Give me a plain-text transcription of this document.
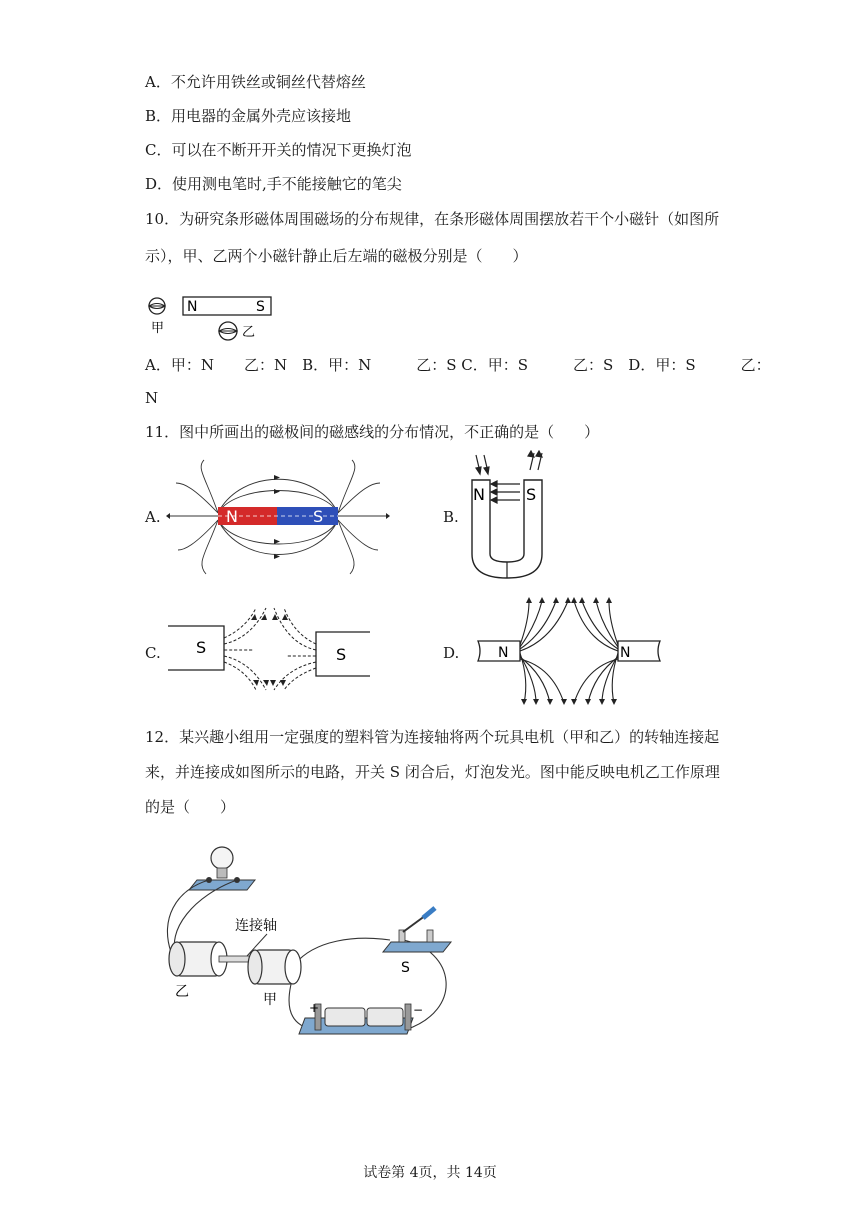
A．不允许用铁丝或铜丝代替熔丝
B．用电器的金属外壳应该接地
C．可以在不断开开关的情况下更换灯泡
D．使用测电笔时,手不能接触它的笔尖
10．为研究条形磁体周围磁场的分布规律，在条形磁体周围摆放若干个小磁针（如图所
示），甲、乙两个小磁针静止后左端的磁极分别是（　　）
甲
N	S
乙
A．甲：N　　乙：N　B．甲：N　　　乙：S C．甲：S　　　乙：S　D．甲：S　　　乙：
N
11．图中所画出的磁极间的磁感线的分布情况，不正确的是（　　）
A.	B.
C.	D.
N	S
N	S
S	S	N	N
12．某兴趣小组用一定强度的塑料管为连接轴将两个玩具电机（甲和乙）的转轴连接起
来，并连接成如图所示的电路，开关 S 闭合后，灯泡发光。图中能反映电机乙工作原理
的是（　　）
连接轴
乙	甲
S
+	−
试卷第 4页，共 14页
